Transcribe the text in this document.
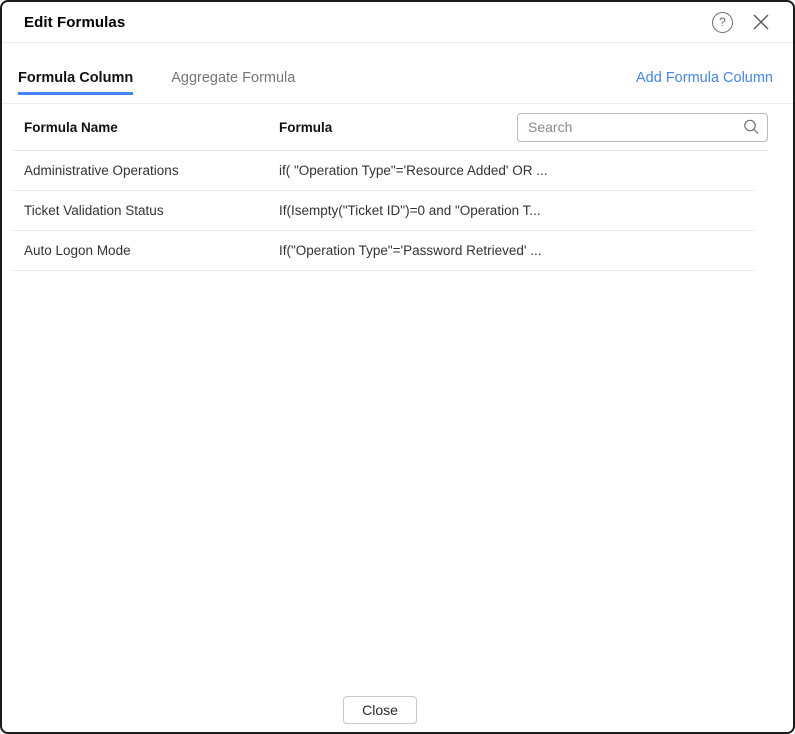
Edit Formulas	?
Formula Column	Aggregate Formula	Add Formula Column
Formula Name	Formula
Search
Administrative Operations	if( "Operation Type"='Resource Added' OR ...
Ticket Validation Status	If(Isempty("Ticket ID")=0 and "Operation T...
Auto Logon Mode	If("Operation Type"='Password Retrieved' ...
Close
